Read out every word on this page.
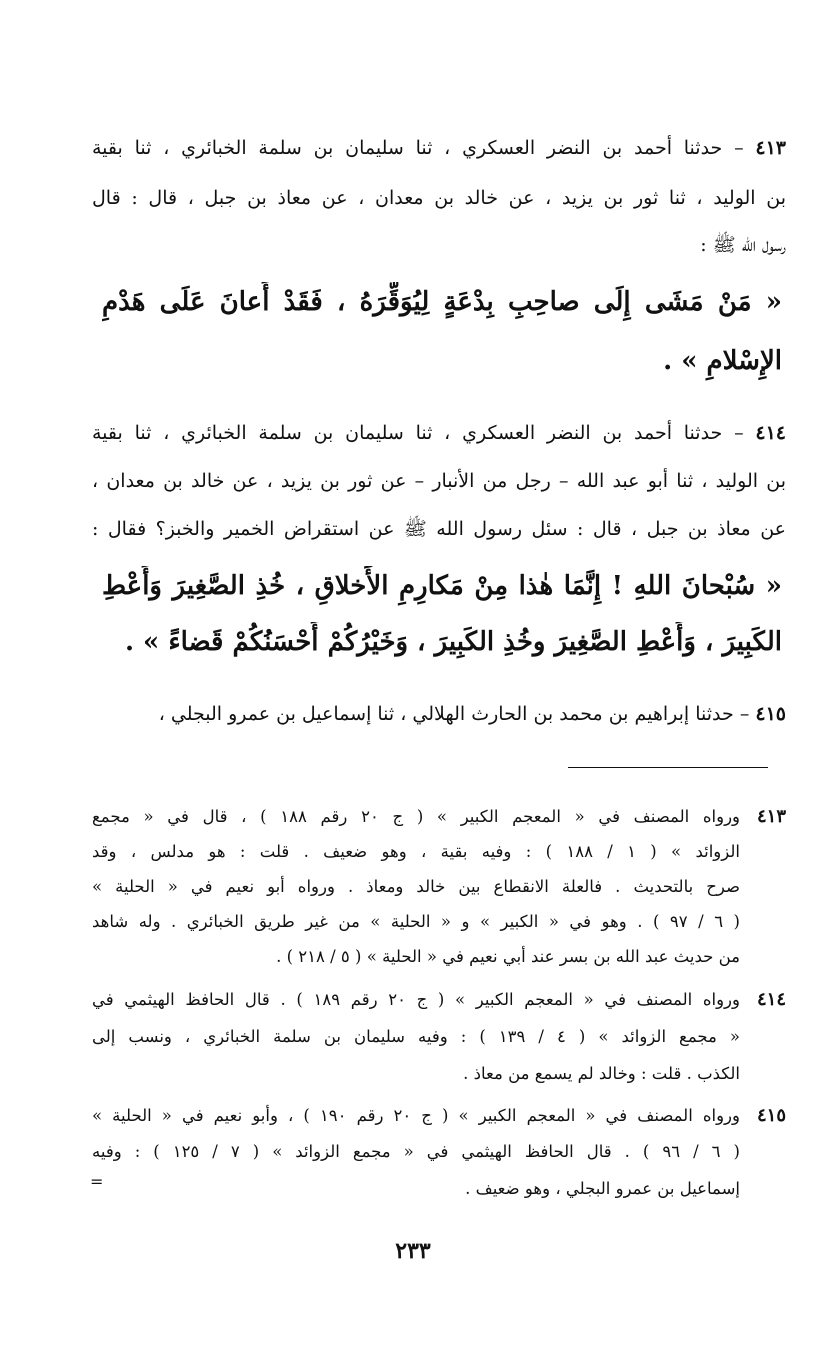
٤١٣ – حدثنا أحمد بن النضر العسكري ، ثنا سليمان بن سلمة الخبائري ، ثنا بقية
بن الوليد ، ثنا ثور بن يزيد ، عن خالد بن معدان ، عن معاذ بن جبل ، قال : قال
رسول الله ﷺ :
« مَنْ مَشَى إِلَى صاحِبِ بِدْعَةٍ لِيُوَقِّرَهُ ، فَقَدْ أَعانَ عَلَى هَدْمِ
الإِسْلامِ » .
٤١٤ – حدثنا أحمد بن النضر العسكري ، ثنا سليمان بن سلمة الخبائري ، ثنا بقية
بن الوليد ، ثنا أبو عبد الله – رجل من الأنبار – عن ثور بن يزيد ، عن خالد بن معدان ،
عن معاذ بن جبل ، قال : سئل رسول الله ﷺ عن استقراض الخمير والخبز؟ فقال :
« سُبْحانَ اللهِ ! إِنَّمَا هٰذا مِنْ مَكارِمِ الأَخلاقِ ، خُذِ الصَّغِيرَ وَأَعْطِ
الكَبِيرَ ، وَأَعْطِ الصَّغِيرَ وخُذِ الكَبِيرَ ، وَخَيْرُكُمْ أَحْسَنُكُمْ قَضاءً » .
٤١٥ – حدثنا إبراهيم بن محمد بن الحارث الهلالي ، ثنا إسماعيل بن عمرو البجلي ،
٤١٣
ورواه المصنف في « المعجم الكبير » ( ج ٢٠ رقم ١٨٨ ) ، قال في « مجمع
الزوائد » ( ١ / ١٨٨ ) : وفيه بقية ، وهو ضعيف . قلت : هو مدلس ، وقد
صرح بالتحديث . فالعلة الانقطاع بين خالد ومعاذ . ورواه أبو نعيم في « الحلية »
( ٦ / ٩٧ ) . وهو في « الكبير » و « الحلية » من غير طريق الخبائري . وله شاهد
من حديث عبد الله بن بسر عند أبي نعيم في « الحلية » ( ٥ / ٢١٨ ) .
٤١٤
ورواه المصنف في « المعجم الكبير » ( ج ٢٠ رقم ١٨٩ ) . قال الحافظ الهيثمي في
« مجمع الزوائد » ( ٤ / ١٣٩ ) : وفيه سليمان بن سلمة الخبائري ، ونسب إلى
الكذب . قلت : وخالد لم يسمع من معاذ .
٤١٥
ورواه المصنف في « المعجم الكبير » ( ج ٢٠ رقم ١٩٠ ) ، وأبو نعيم في « الحلية »
( ٦ / ٩٦ ) . قال الحافظ الهيثمي في « مجمع الزوائد » ( ٧ / ١٢٥ ) : وفيه
إسماعيل بن عمرو البجلي ، وهو ضعيف .
=
٢٣٣
